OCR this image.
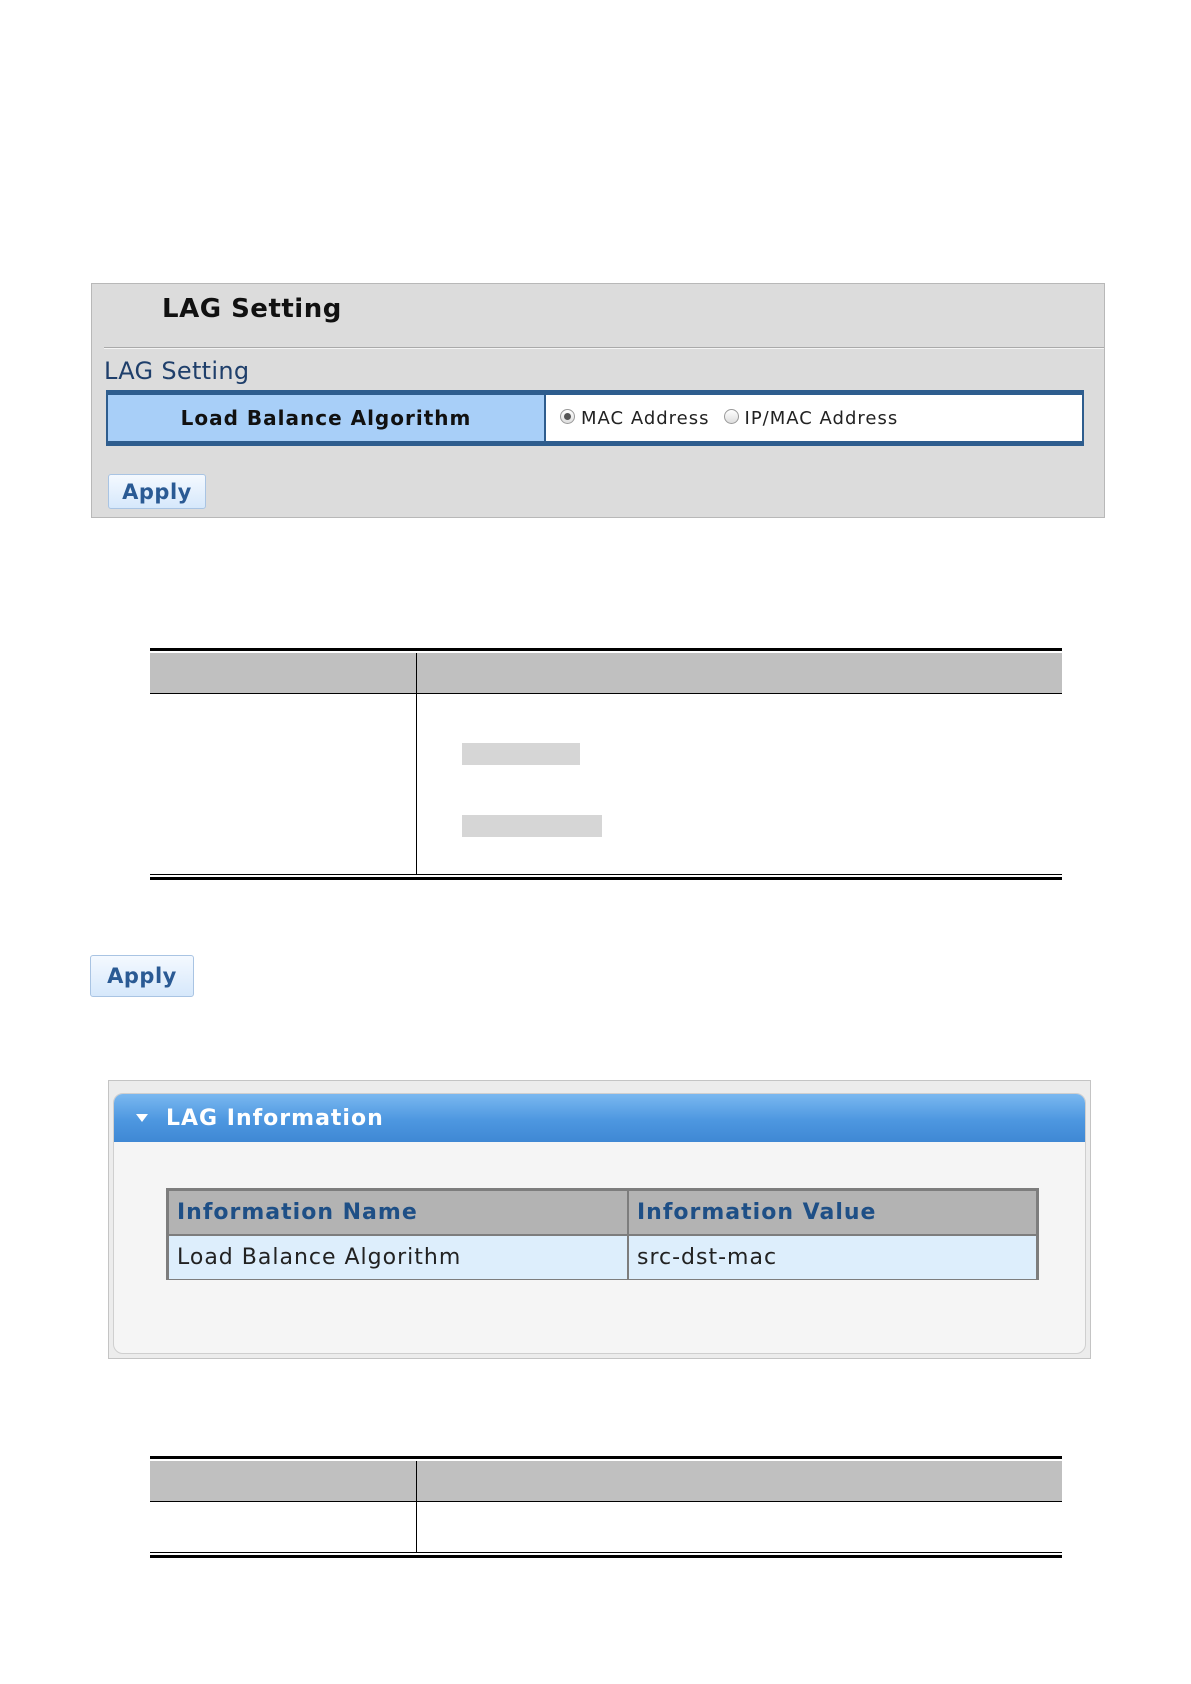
LAG Setting
LAG Setting
Load Balance Algorithm	MAC Address IP/MAC Address
Apply
Apply
LAG Information
Information Name	Information Value
Load Balance Algorithm	src-dst-mac
